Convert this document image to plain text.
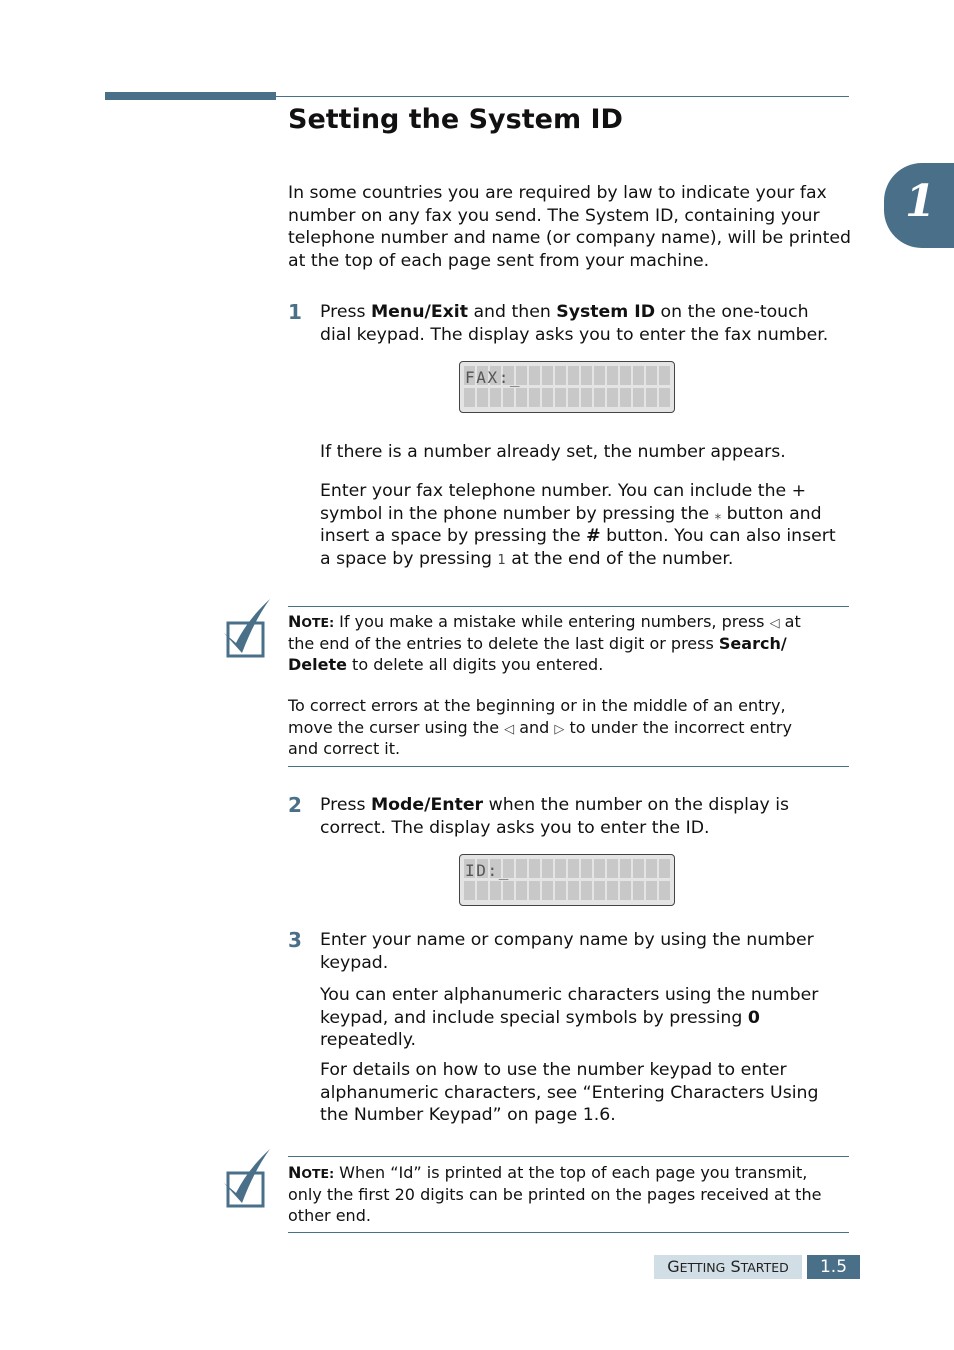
Setting the System ID
1
In some countries you are required by law to indicate your fax
number on any fax you send. The System ID, containing your
telephone number and name (or company name), will be printed
at the top of each page sent from your machine.
1 Press Menu/Exit and then System ID on the one-touch
dial keypad. The display asks you to enter the fax number.
FAX:_
If there is a number already set, the number appears.
Enter your fax telephone number. You can include the +
symbol in the phone number by pressing the ⁎ button and
insert a space by pressing the # button. You can also insert
a space by pressing 1 at the end of the number.
NOTE: If you make a mistake while entering numbers, press ◁ at
the end of the entries to delete the last digit or press Search/
Delete to delete all digits you entered.
To correct errors at the beginning or in the middle of an entry,
move the curser using the ◁ and ▷ to under the incorrect entry
and correct it.
2 Press Mode/Enter when the number on the display is
correct. The display asks you to enter the ID.
ID:_
3 Enter your name or company name by using the number
keypad.
You can enter alphanumeric characters using the number
keypad, and include special symbols by pressing 0
repeatedly.
For details on how to use the number keypad to enter
alphanumeric characters, see “Entering Characters Using
the Number Keypad” on page 1.6.
NOTE: When “Id” is printed at the top of each page you transmit,
only the first 20 digits can be printed on the pages received at the
other end.
GETTING STARTED	1.5
